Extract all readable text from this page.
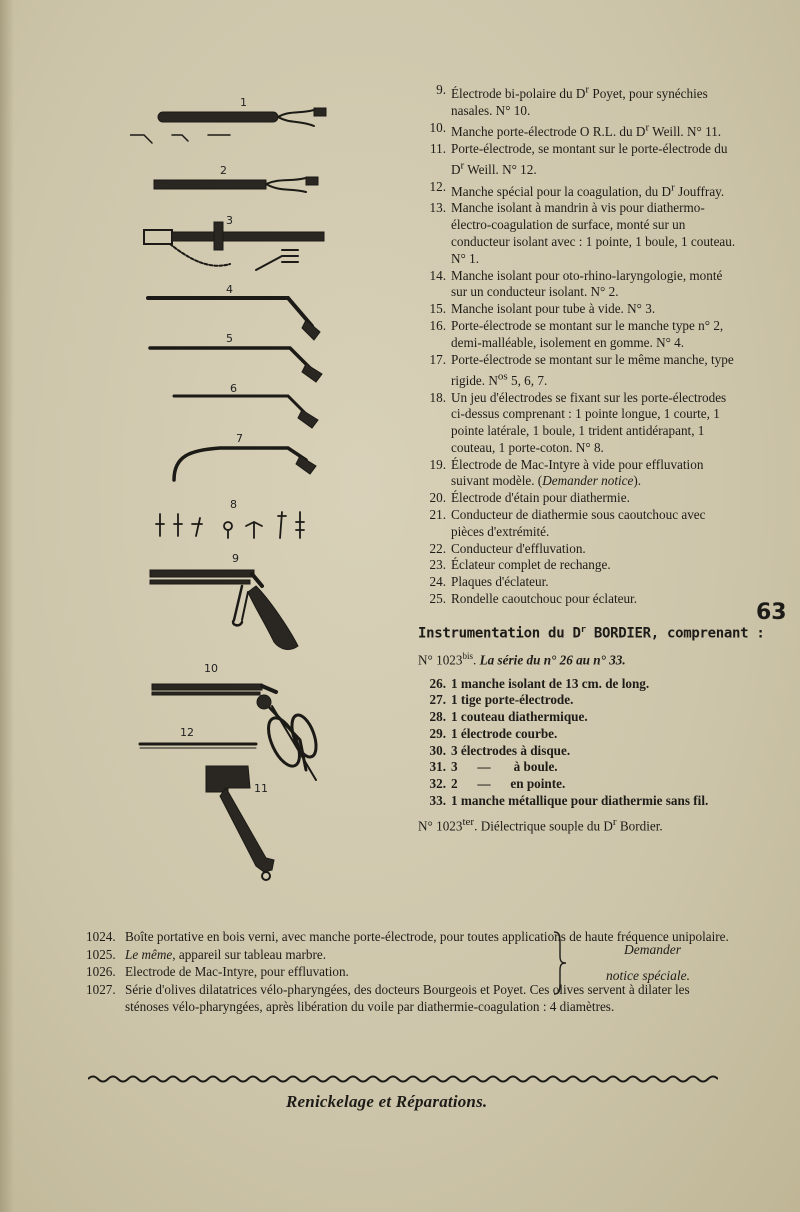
1
2
3
4
5
6
7
8
9
10
11
12
9. Électrode bi-polaire du $D^r$ Poyet, pour synéchies nasales. N° 10.
10. Manche porte-électrode O R.L. du $D^r$ Weill. N° 11.
11. Porte-électrode, se montant sur le porte-électrode du $D^r$ Weill. N° 12.
12. Manche spécial pour la coagulation, du $D^r$ Jouffray.
13. Manche isolant à mandrin à vis pour diathermo-électro-coagulation de surface, monté sur un conducteur isolant avec : 1 pointe, 1 boule, 1 couteau. N° 1.
14. Manche isolant pour oto-rhino-laryngologie, monté sur un conducteur isolant. N° 2.
15. Manche isolant pour tube à vide. N° 3.
16. Porte-électrode se montant sur le manche type n° 2, demi-malléable, isolement en gomme. N° 4.
17. Porte-électrode se montant sur le même manche, type rigide. $N^{os}$ 5, 6, 7.
18. Un jeu d'électrodes se fixant sur les porte-électrodes ci-dessus comprenant : 1 pointe longue, 1 courte, 1 pointe latérale, 1 boule, 1 trident antidérapant, 1 couteau, 1 porte-coton. N° 8.
19. Électrode de Mac-Intyre à vide pour effluvation suivant modèle. (Demander notice).
20. Électrode d'étain pour diathermie.
21. Conducteur de diathermie sous caoutchouc avec pièces d'extrémité.
22. Conducteur d'effluvation.
23. Éclateur complet de rechange.
24. Plaques d'éclateur.
25. Rondelle caoutchouc pour éclateur.
Instrumentation du $D^r$ BORDIER, comprenant :
N° $1023^{bis}$. La série du n° 26 au n° 33.
26. 1 manche isolant de 13 cm. de long.
27. 1 tige porte-électrode.
28. 1 couteau diathermique.
29. 1 électrode courbe.
30. 3 électrodes à disque.
31. 3      —       à boule.
32. 2      —      en pointe.
33. 1 manche métallique pour diathermie sans fil.
N° $1023^{ter}$. Diélectrique souple du $D^r$ Bordier.
63
1024. Boîte portative en bois verni, avec manche porte-électrode, pour toutes applications de haute fréquence unipolaire.
1025. Le même, appareil sur tableau marbre.
1026. Electrode de Mac-Intyre, pour effluvation.
1027. Série d'olives dilatatrices vélo-pharyngées, des docteurs Bourgeois et Poyet. Ces olives servent à dilater les sténoses vélo-pharyngées, après libération du voile par diathermie-coagulation : 4 diamètres.
Demander
notice spéciale.
Renickelage et Réparations.
